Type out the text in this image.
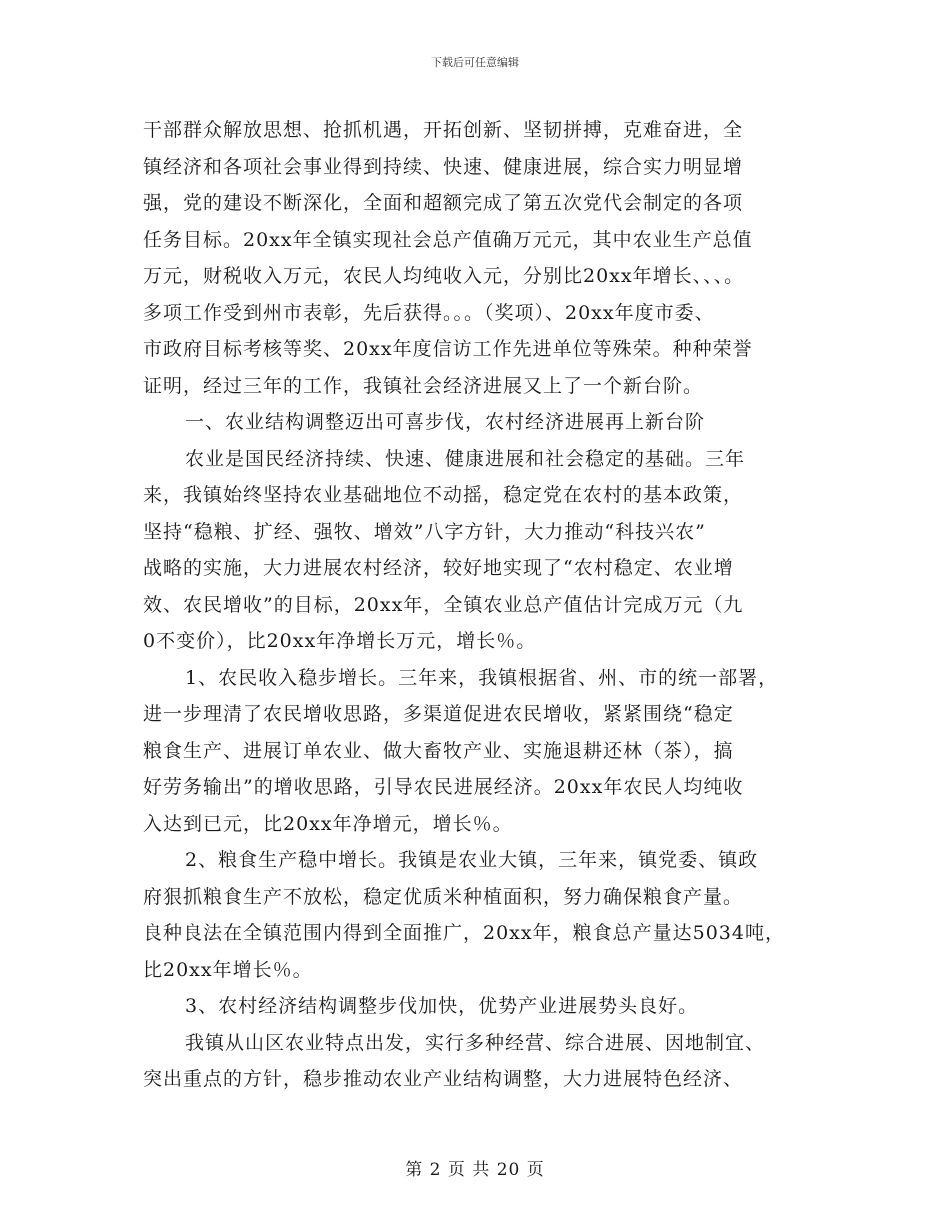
下载后可任意编辑
干部群众解放思想、抢抓机遇，开拓创新、坚韧拼搏，克难奋进，全
镇经济和各项社会事业得到持续、快速、健康进展，综合实力明显增
强，党的建设不断深化，全面和超额完成了第五次党代会制定的各项
任务目标。20xx年全镇实现社会总产值确万元元，其中农业生产总值
万元，财税收入万元，农民人均纯收入元，分别比20xx年增长、、、。
多项工作受到州市表彰，先后获得。。。（奖项）、20xx年度市委、
市政府目标考核等奖、20xx年度信访工作先进单位等殊荣。种种荣誉
证明，经过三年的工作，我镇社会经济进展又上了一个新台阶。
一、农业结构调整迈出可喜步伐，农村经济进展再上新台阶
农业是国民经济持续、快速、健康进展和社会稳定的基础。三年
来，我镇始终坚持农业基础地位不动摇，稳定党在农村的基本政策，
坚持“稳粮、扩经、强牧、增效”八字方针，大力推动“科技兴农”
战略的实施，大力进展农村经济，较好地实现了“农村稳定、农业增
效、农民增收”的目标，20xx年，全镇农业总产值估计完成万元（九
0不变价），比20xx年净增长万元，增长％。
1、农民收入稳步增长。三年来，我镇根据省、州、市的统一部署，
进一步理清了农民增收思路，多渠道促进农民增收，紧紧围绕“稳定
粮食生产、进展订单农业、做大畜牧产业、实施退耕还林（茶），搞
好劳务输出”的增收思路，引导农民进展经济。20xx年农民人均纯收
入达到已元，比20xx年净增元，增长％。
2、粮食生产稳中增长。我镇是农业大镇，三年来，镇党委、镇政
府狠抓粮食生产不放松，稳定优质米种植面积，努力确保粮食产量。
良种良法在全镇范围内得到全面推广，20xx年，粮食总产量达5034吨，
比20xx年增长％。
3、农村经济结构调整步伐加快，优势产业进展势头良好。
我镇从山区农业特点出发，实行多种经营、综合进展、因地制宜、
突出重点的方针，稳步推动农业产业结构调整，大力进展特色经济、
第 2 页 共 20 页
